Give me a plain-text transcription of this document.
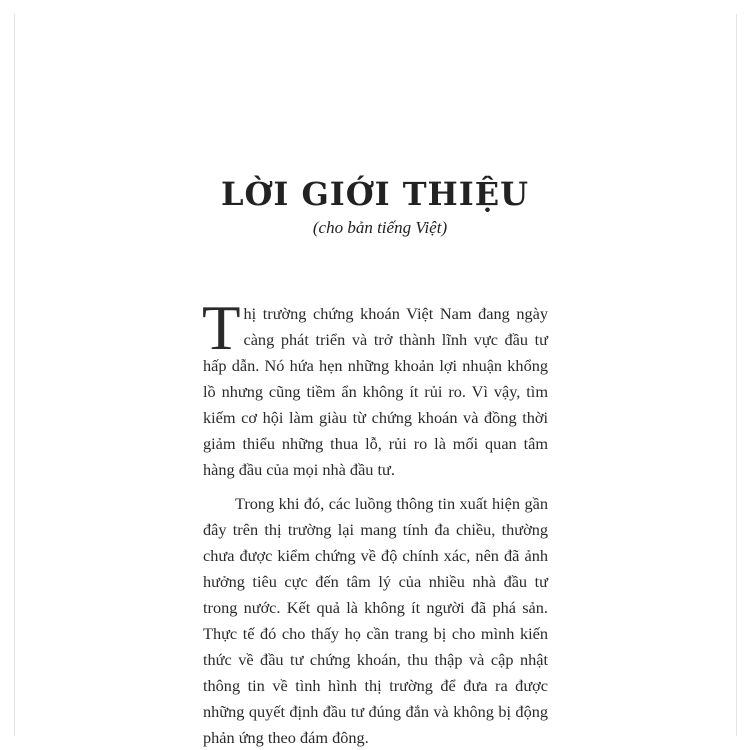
LỜI GIỚI THIỆU
(cho bản tiếng Việt)

Thị trường chứng khoán Việt Nam đang ngày càng phát triển và trở thành lĩnh vực đầu tư hấp dẫn. Nó hứa hẹn những khoản lợi nhuận khổng lồ nhưng cũng tiềm ẩn không ít rủi ro. Vì vậy, tìm kiếm cơ hội làm giàu từ chứng khoán và đồng thời giảm thiểu những thua lỗ, rủi ro là mối quan tâm hàng đầu của mọi nhà đầu tư.

Trong khi đó, các luồng thông tin xuất hiện gần đây trên thị trường lại mang tính đa chiều, thường chưa được kiểm chứng về độ chính xác, nên đã ảnh hưởng tiêu cực đến tâm lý của nhiều nhà đầu tư trong nước. Kết quả là không ít người đã phá sản. Thực tế đó cho thấy họ cần trang bị cho mình kiến thức về đầu tư chứng khoán, thu thập và cập nhật thông tin về tình hình thị trường để đưa ra được những quyết định đầu tư đúng đắn và không bị động phản ứng theo đám đông.
